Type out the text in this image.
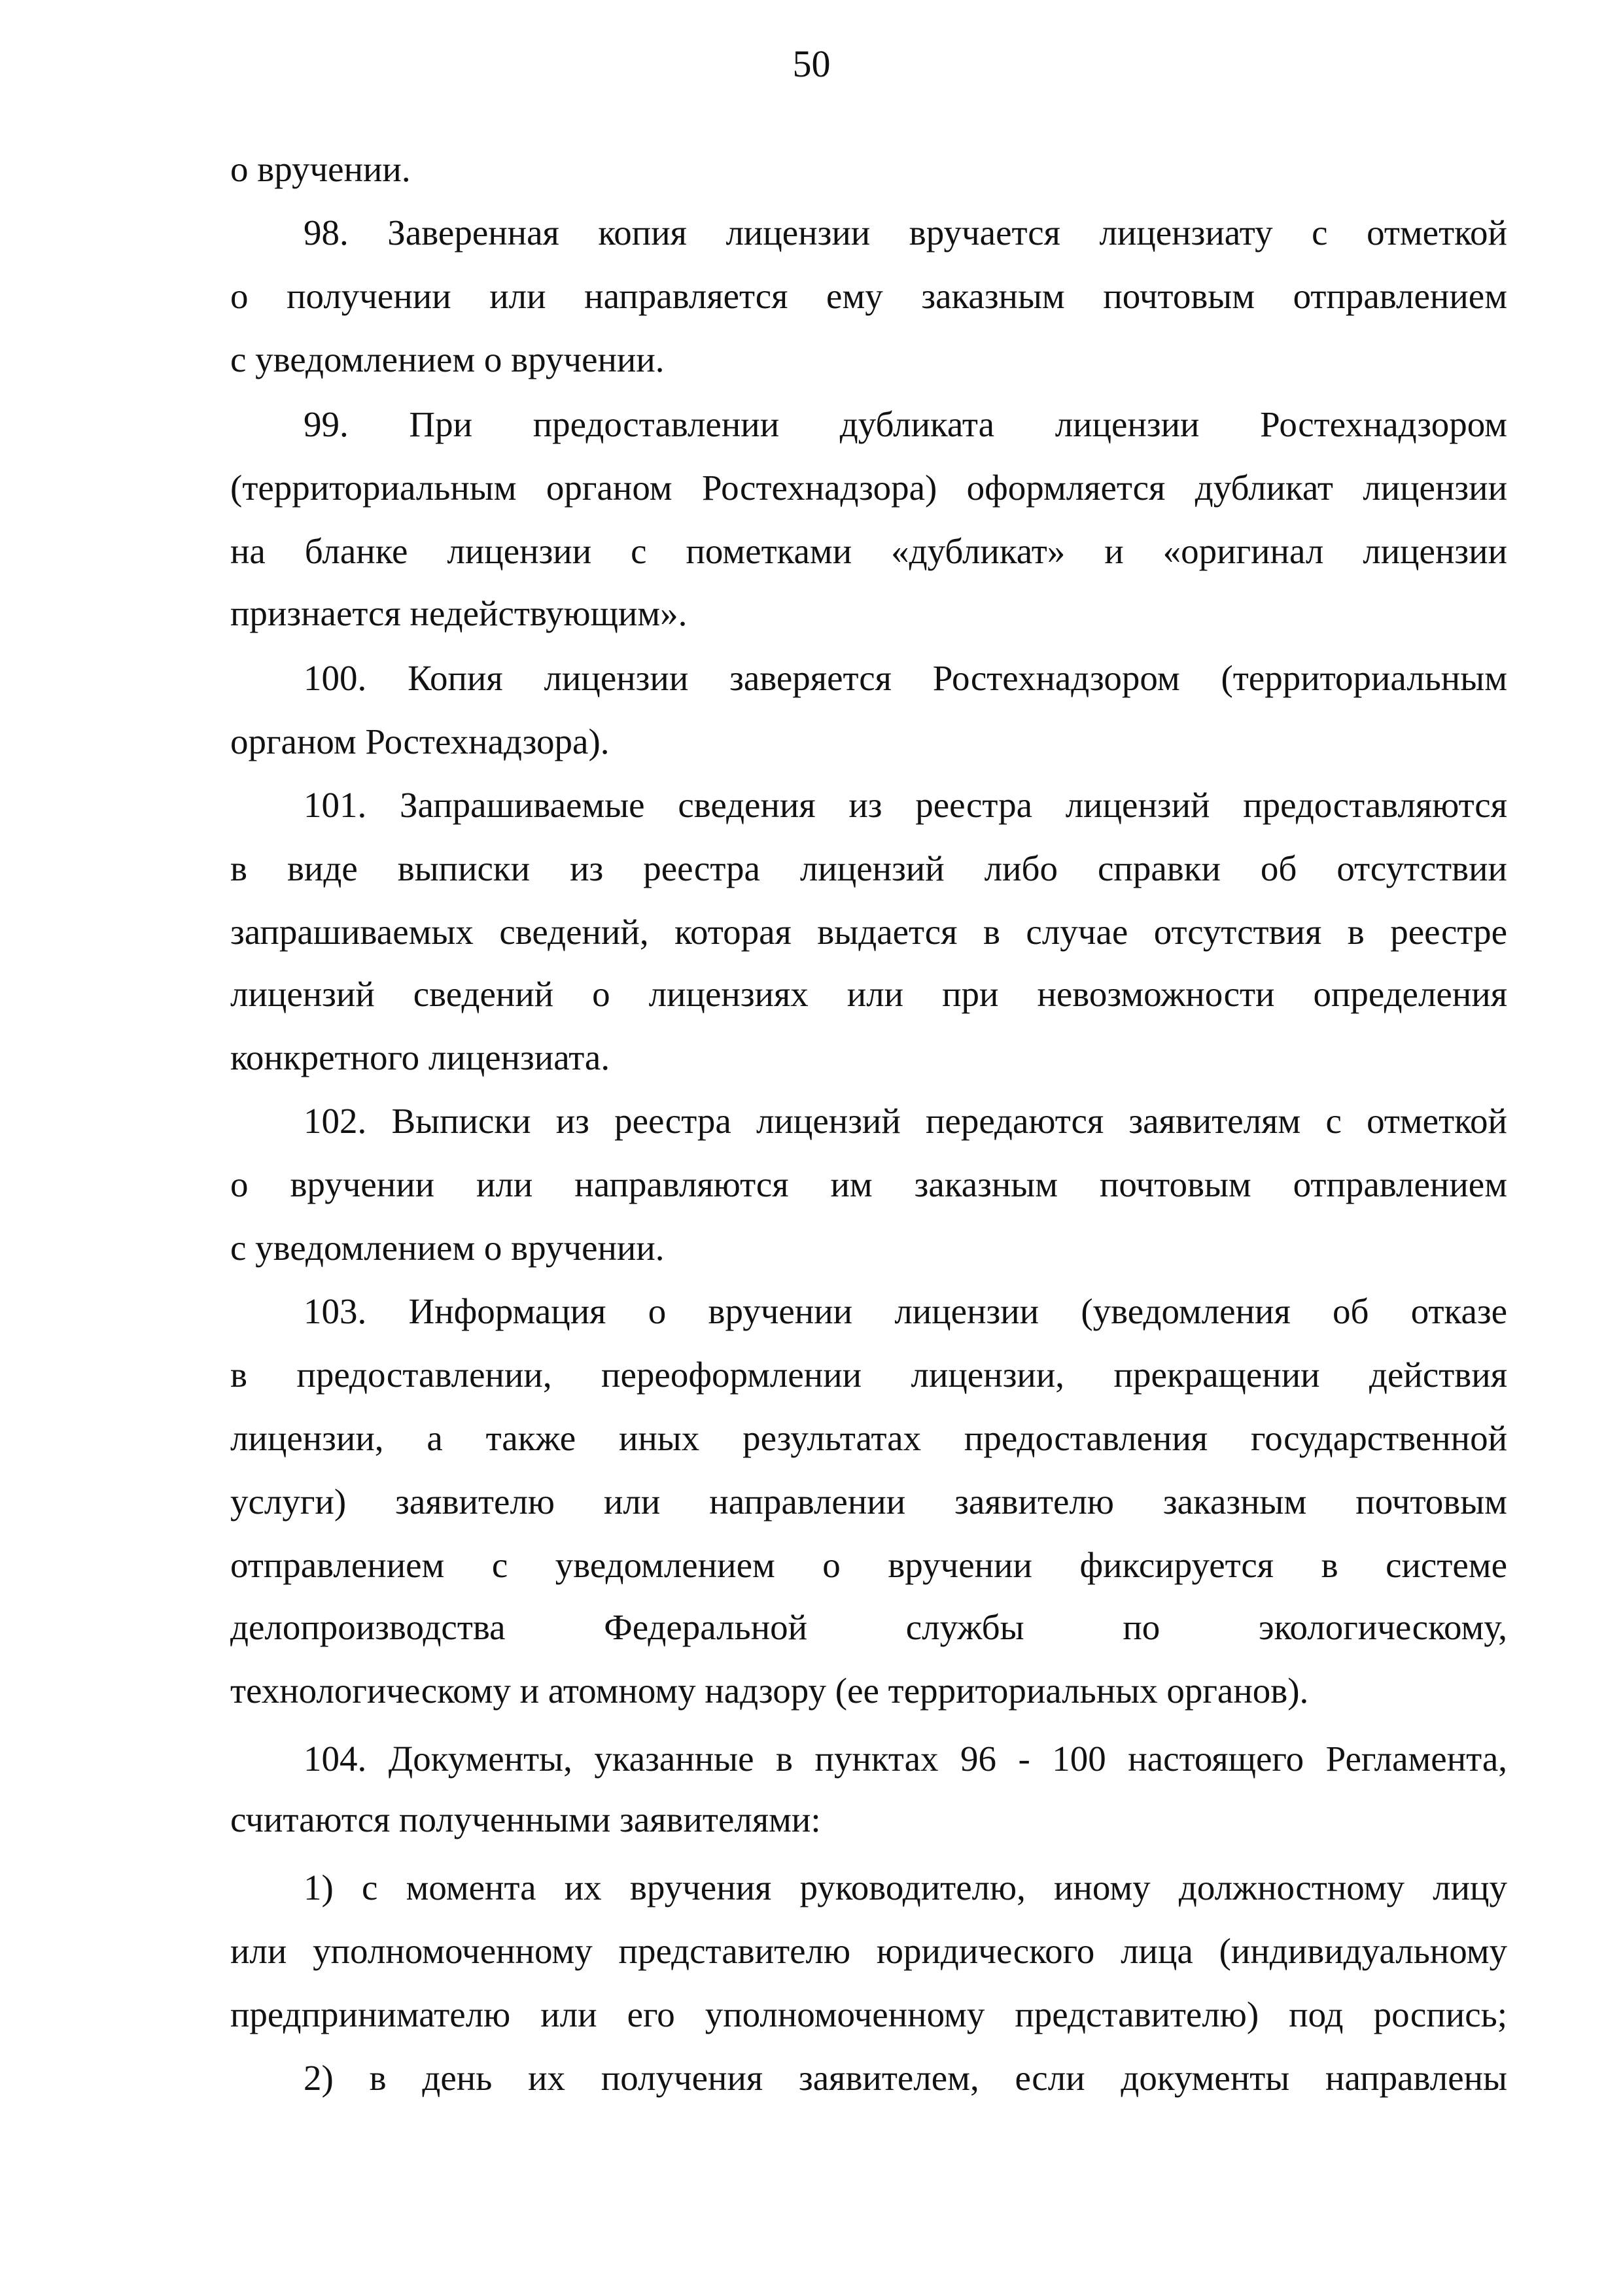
50
о вручении.
98. Заверенная копия лицензии вручается лицензиату с отметкой
о получении или направляется ему заказным почтовым отправлением
с уведомлением о вручении.
99. При предоставлении дубликата лицензии Ростехнадзором
(территориальным органом Ростехнадзора) оформляется дубликат лицензии
на бланке лицензии с пометками «дубликат» и «оригинал лицензии
признается недействующим».
100. Копия лицензии заверяется Ростехнадзором (территориальным
органом Ростехнадзора).
101. Запрашиваемые сведения из реестра лицензий предоставляются
в виде выписки из реестра лицензий либо справки об отсутствии
запрашиваемых сведений, которая выдается в случае отсутствия в реестре
лицензий сведений о лицензиях или при невозможности определения
конкретного лицензиата.
102. Выписки из реестра лицензий передаются заявителям с отметкой
о вручении или направляются им заказным почтовым отправлением
с уведомлением о вручении.
103. Информация о вручении лицензии (уведомления об отказе
в предоставлении, переоформлении лицензии, прекращении действия
лицензии, а также иных результатах предоставления государственной
услуги) заявителю или направлении заявителю заказным почтовым
отправлением с уведомлением о вручении фиксируется в системе
делопроизводства Федеральной службы по экологическому,
технологическому и атомному надзору (ее территориальных органов).
104. Документы, указанные в пунктах 96 - 100 настоящего Регламента,
считаются полученными заявителями:
1) с момента их вручения руководителю, иному должностному лицу
или уполномоченному представителю юридического лица (индивидуальному
предпринимателю или его уполномоченному представителю) под роспись;
2) в день их получения заявителем, если документы направлены
